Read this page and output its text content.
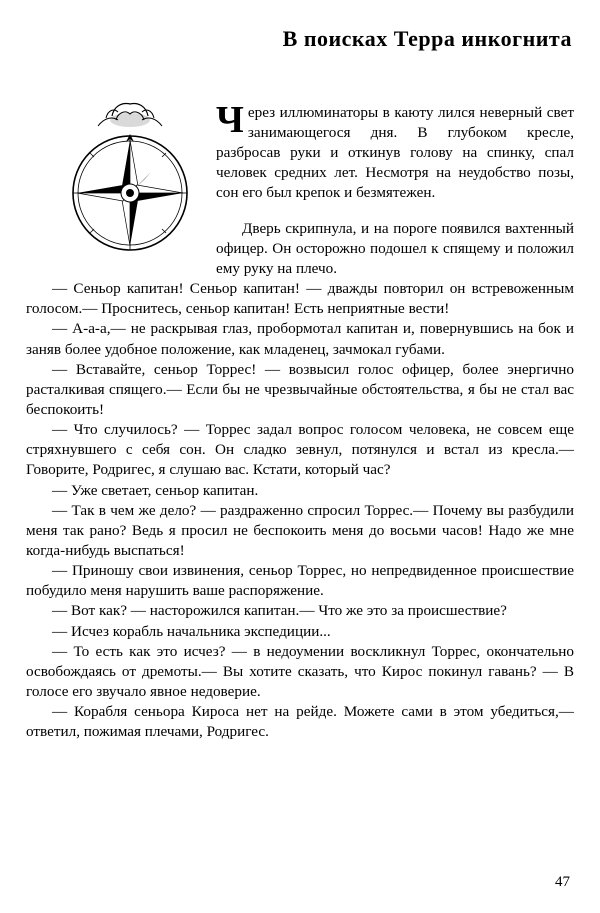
В поисках Терра инкогнита

Через иллюминаторы в каюту лился неверный свет занимающегося дня. В глубоком кресле, разбросав руки и откинув голову на спинку, спал человек средних лет. Несмотря на неудобство позы, сон его был крепок и безмятежен.

Дверь скрипнула, и на пороге появился вахтенный офицер. Он осторожно подошел к спящему и положил ему руку на плечо.

— Сеньор капитан! Сеньор капитан! — дважды повторил он встревоженным голосом.— Проснитесь, сеньор капитан! Есть неприятные вести!

— А-а-а,— не раскрывая глаз, пробормотал капитан и, повернувшись на бок и заняв более удобное положение, как младенец, зачмокал губами.

— Вставайте, сеньор Торрес! — возвысил голос офицер, более энергично расталкивая спящего.— Если бы не чрезвычайные обстоятельства, я бы не стал вас беспокоить!

— Что случилось? — Торрес задал вопрос голосом человека, не совсем еще стряхнувшего с себя сон. Он сладко зевнул, потянулся и встал из кресла.— Говорите, Родригес, я слушаю вас. Кстати, который час?

— Уже светает, сеньор капитан.

— Так в чем же дело? — раздраженно спросил Торрес.— Почему вы разбудили меня так рано? Ведь я просил не беспокоить меня до восьми часов! Надо же мне когда-нибудь выспаться!

— Приношу свои извинения, сеньор Торрес, но непредвиденное происшествие побудило меня нарушить ваше распоряжение.

— Вот как? — насторожился капитан.— Что же это за происшествие?

— Исчез корабль начальника экспедиции...

— То есть как это исчез? — в недоумении воскликнул Торрес, окончательно освобождаясь от дремоты.— Вы хотите сказать, что Кирос покинул гавань? — В голосе его звучало явное недоверие.

— Корабля сеньора Кироса нет на рейде. Можете сами в этом убедиться,— ответил, пожимая плечами, Родригес.

47
